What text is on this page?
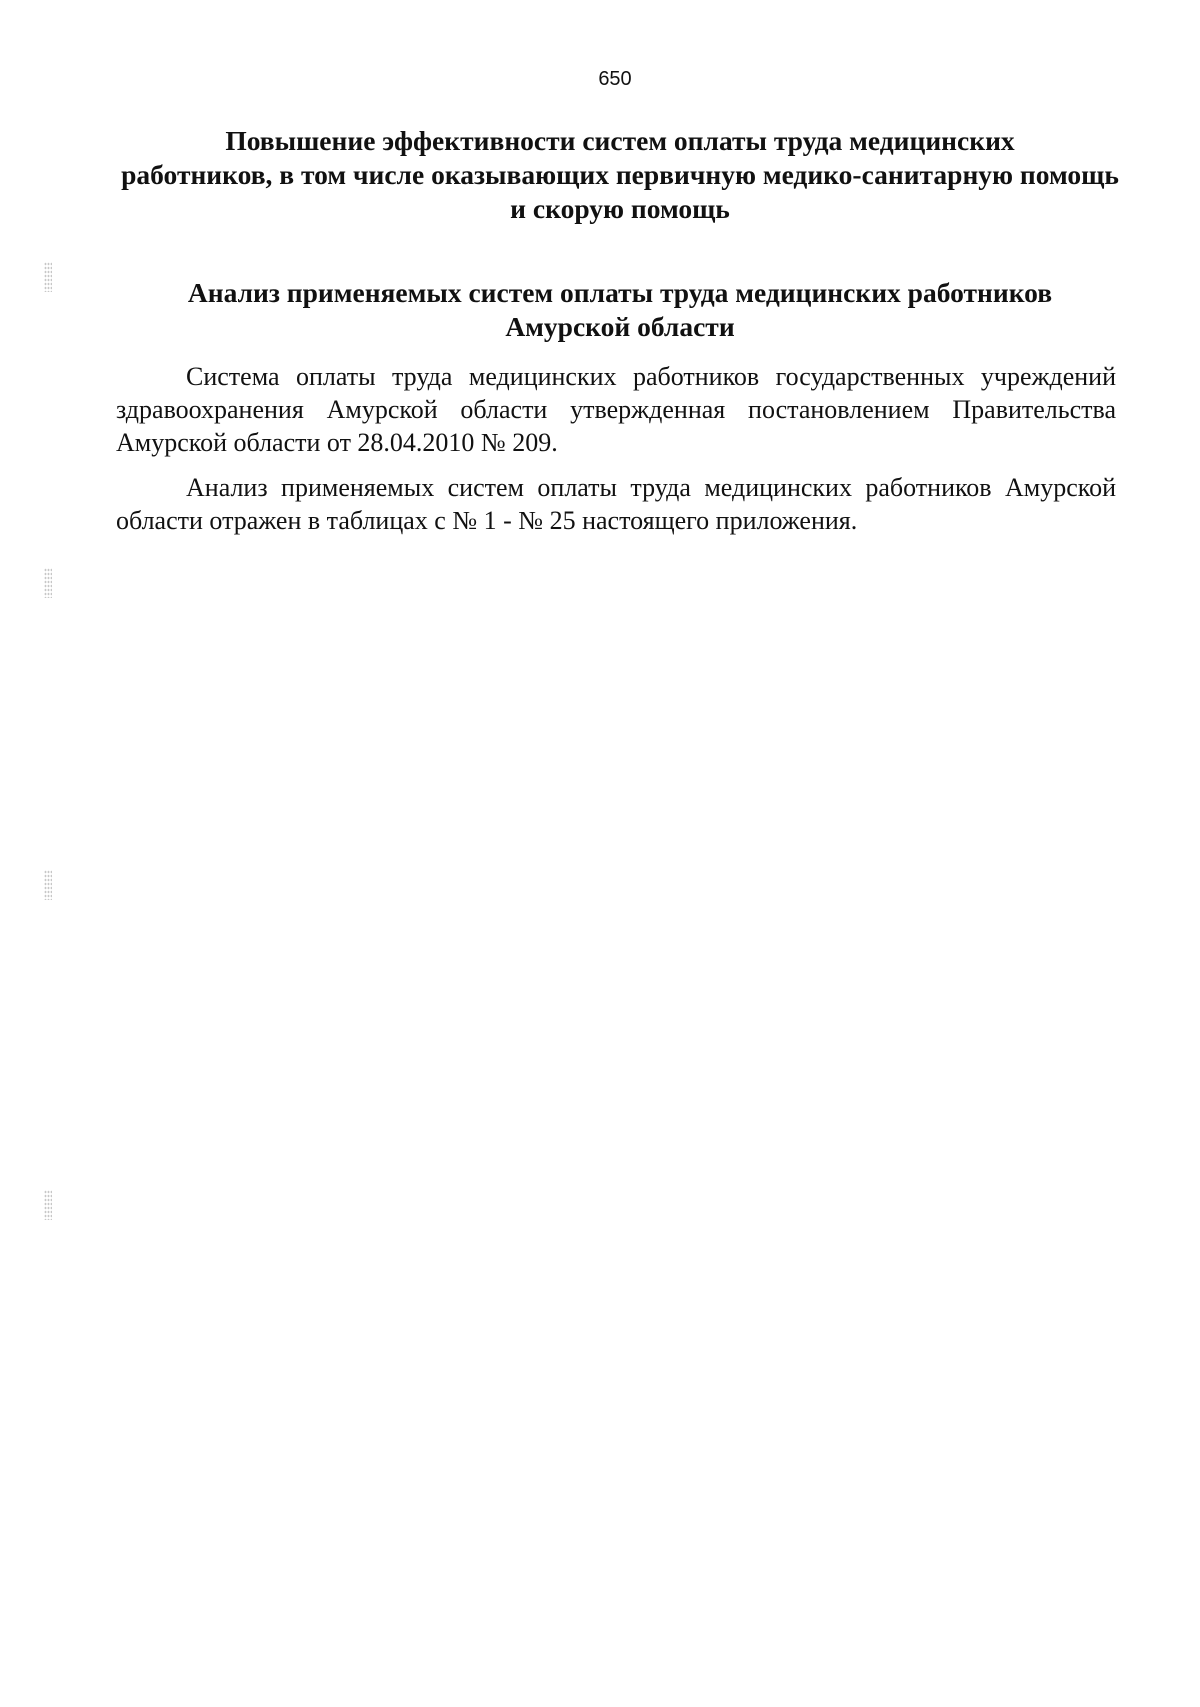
650
Повышение эффективности систем оплаты труда медицинских
работников, в том числе оказывающих первичную медико-санитарную помощь
и скорую помощь
Анализ применяемых систем оплаты труда медицинских работников
Амурской области

Система оплаты труда медицинских работников государственных учреждений здравоохранения Амурской области утвержденная постановлением Правительства Амурской области от 28.04.2010 № 209.

Анализ применяемых систем оплаты труда медицинских работников Амурской области отражен в таблицах с № 1 - № 25 настоящего приложения.
